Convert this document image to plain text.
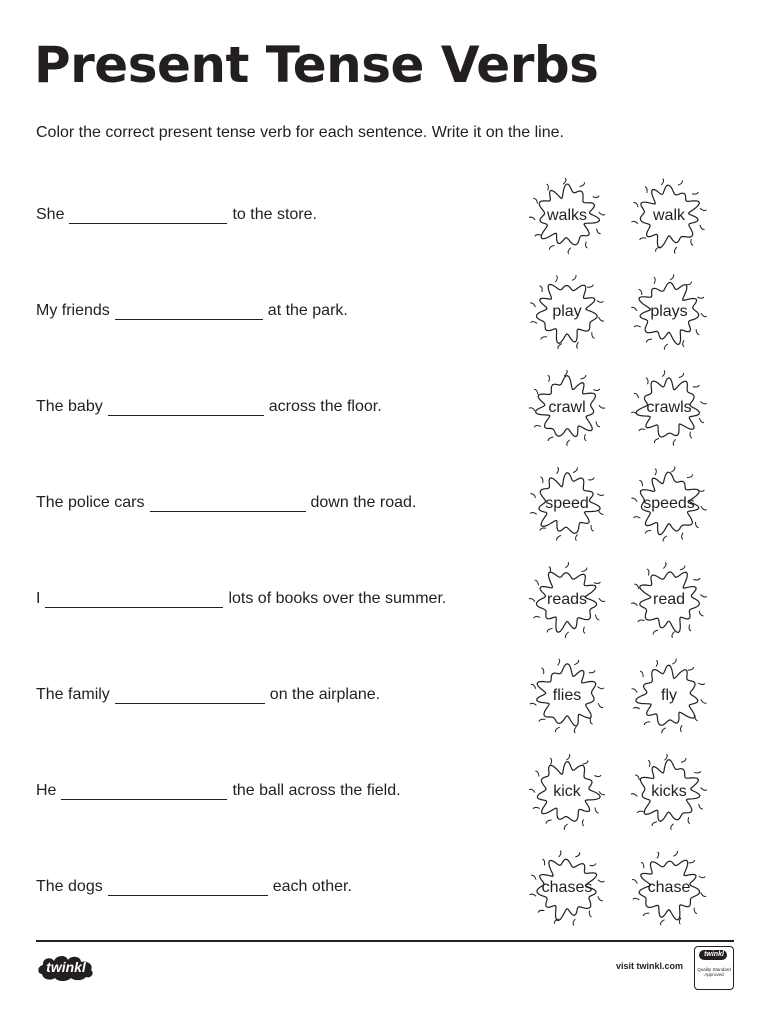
Present Tense Verbs
Color the correct present tense verb for each sentence. Write it on the line.
She	to the store.	walks	walk
My friends	at the park.	play	plays
The baby	across the floor.	crawl	crawls
The police cars	down the road.	speed	speeds
I	lots of books over the summer.	reads	read
The family	on the airplane.	flies	fly
He	the ball across the field.	kick	kicks
The dogs	each other.	chases	chase
twinkl	visit twinkl.com
twinkl
Quality Standard Approved
